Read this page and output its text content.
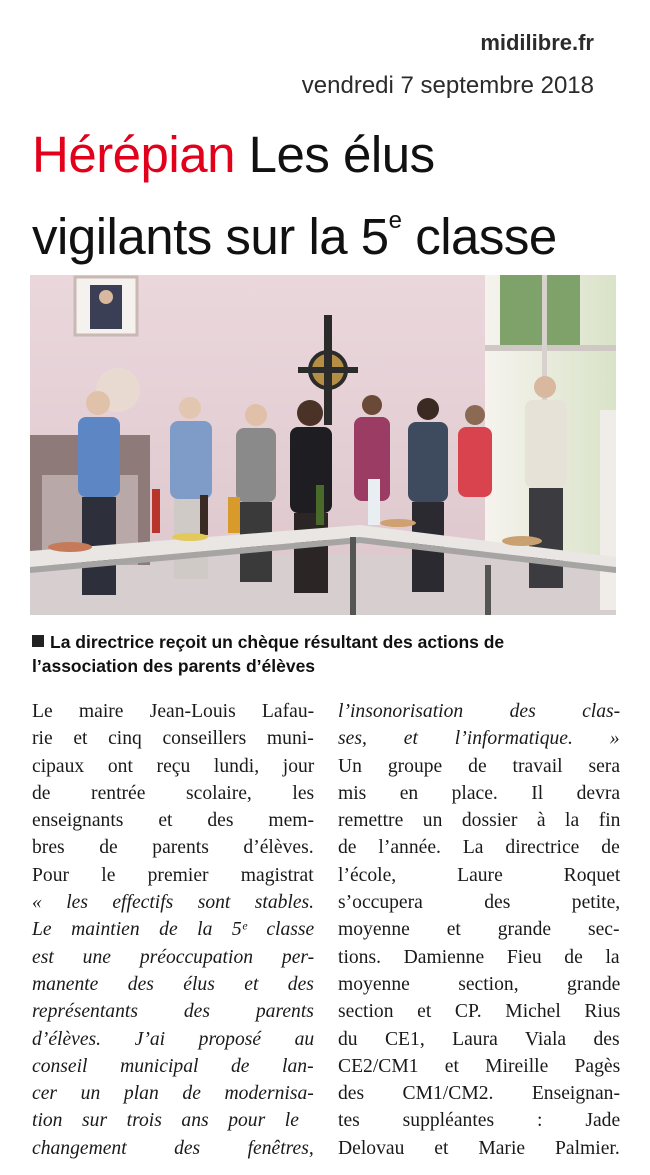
midilibre.fr
vendredi 7 septembre 2018
Hérépian Les élus
vigilants sur la 5e classe
La directrice reçoit un chèque résultant des actions de
l’association des parents d’élèves
Le maire Jean-Louis Lafau-
rie et cinq conseillers muni-
cipaux ont reçu lundi, jour
de rentrée scolaire, les
enseignants et des mem-
bres de parents d’élèves.
Pour le premier magistrat
« les effectifs sont stables.
Le maintien de la 5ᵉ classe
est une préoccupation per-
manente des élus et des
représentants des parents
d’élèves. J’ai proposé au
conseil municipal de lan-
cer un plan de modernisa-
tion sur trois ans pour le
changement des fenêtres,
l’insonorisation des clas-
ses, et l’informatique. »
Un groupe de travail sera
mis en place. Il devra
remettre un dossier à la fin
de l’année. La directrice de
l’école, Laure Roquet
s’occupera des petite,
moyenne et grande sec-
tions. Damienne Fieu de la
moyenne section, grande
section et CP. Michel Rius
du CE1, Laura Viala des
CE2/CM1 et Mireille Pagès
des CM1/CM2. Enseignan-
tes suppléantes : Jade
Delovau et Marie Palmier.
